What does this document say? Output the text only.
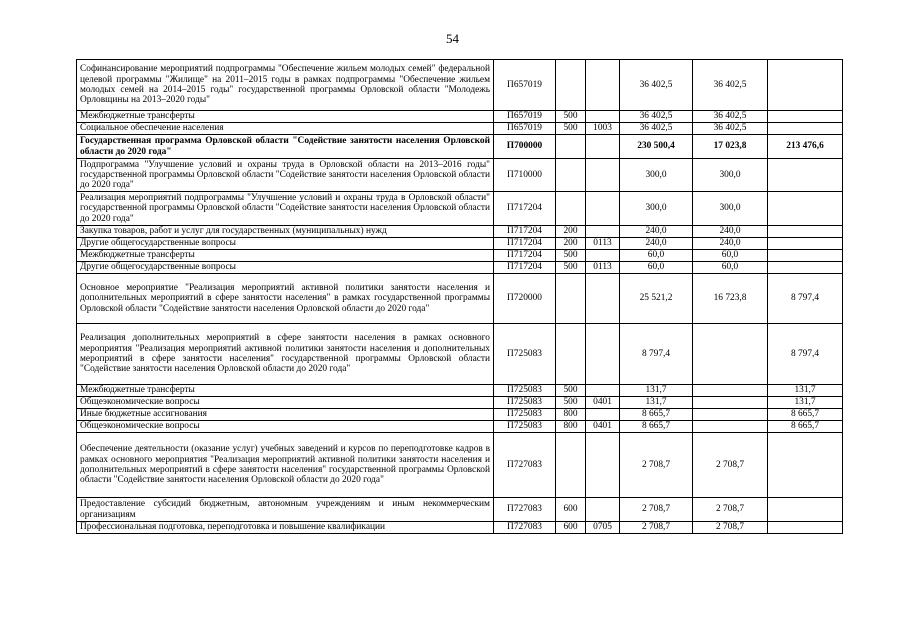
54
Софинансирование мероприятий подпрограммы "Обеспечение жильем молодых семей" федеральной целевой программы "Жилище" на 2011–2015 годы в рамках подпрограммы "Обеспечение жильем молодых семей на 2014–2015 годы" государственной программы Орловской области "Молодежь Орловщины на 2013–2020 годы"	П657019			36 402,5	36 402,5	
Межбюджетные трансферты	П657019	500		36 402,5	36 402,5	
Социальное обеспечение населения	П657019	500	1003	36 402,5	36 402,5	
Государственная программа Орловской области "Содействие занятости населения Орловской области до 2020 года"	П700000			230 500,4	17 023,8	213 476,6
Подпрограмма "Улучшение условий и охраны труда в Орловской области на 2013–2016 годы" государственной программы Орловской области "Содействие занятости населения Орловской области до 2020 года"	П710000			300,0	300,0	
Реализация мероприятий подпрограммы "Улучшение условий и охраны труда в Орловской области" государственной программы Орловской области "Содействие занятости населения Орловской области до 2020 года"	П717204			300,0	300,0	
Закупка товаров, работ и услуг для государственных (муниципальных) нужд	П717204	200		240,0	240,0	
Другие общегосударственные вопросы	П717204	200	0113	240,0	240,0	
Межбюджетные трансферты	П717204	500		60,0	60,0	
Другие общегосударственные вопросы	П717204	500	0113	60,0	60,0	
Основное мероприятие "Реализация мероприятий активной политики занятости населения и дополнительных мероприятий в сфере занятости населения" в рамках государственной программы Орловской области "Содействие занятости населения Орловской области до 2020 года"	П720000			25 521,2	16 723,8	8 797,4
Реализация дополнительных мероприятий в сфере занятости населения в рамках основного мероприятия "Реализация мероприятий активной политики занятости населения и дополнительных мероприятий в сфере занятости населения" государственной программы Орловской области "Содействие занятости населения Орловской области до 2020 года"	П725083			8 797,4		8 797,4
Межбюджетные трансферты	П725083	500		131,7		131,7
Общеэкономические вопросы	П725083	500	0401	131,7		131,7
Иные бюджетные ассигнования	П725083	800		8 665,7		8 665,7
Общеэкономические вопросы	П725083	800	0401	8 665,7		8 665,7
Обеспечение деятельности (оказание услуг) учебных заведений и курсов по переподготовке кадров в рамках основного мероприятия "Реализация мероприятий активной политики занятости населения и дополнительных мероприятий в сфере занятости населения" государственной программы Орловской области "Содействие занятости населения Орловской области до 2020 года"	П727083			2 708,7	2 708,7	
Предоставление субсидий бюджетным, автономным учреждениям и иным некоммерческим организациям	П727083	600		2 708,7	2 708,7	
Профессиональная подготовка, переподготовка и повышение квалификации	П727083	600	0705	2 708,7	2 708,7	
